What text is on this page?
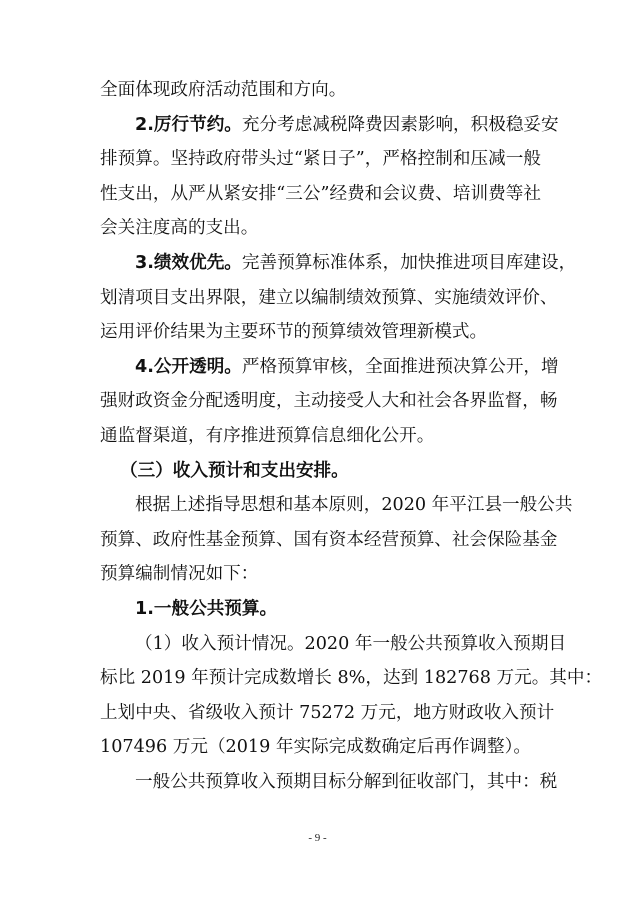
全面体现政府活动范围和方向。
2.厉行节约。充分考虑减税降费因素影响，积极稳妥安
排预算。坚持政府带头过“紧日子”，严格控制和压减一般
性支出，从严从紧安排“三公”经费和会议费、培训费等社
会关注度高的支出。
3.绩效优先。完善预算标准体系，加快推进项目库建设，
划清项目支出界限，建立以编制绩效预算、实施绩效评价、
运用评价结果为主要环节的预算绩效管理新模式。
4.公开透明。严格预算审核，全面推进预决算公开，增
强财政资金分配透明度，主动接受人大和社会各界监督，畅
通监督渠道，有序推进预算信息细化公开。
（三）收入预计和支出安排。
根据上述指导思想和基本原则，2020 年平江县一般公共
预算、政府性基金预算、国有资本经营预算、社会保险基金
预算编制情况如下：
1.一般公共预算。
（1）收入预计情况。2020 年一般公共预算收入预期目
标比 2019 年预计完成数增长 8%，达到 182768 万元。其中：
上划中央、省级收入预计 75272 万元，地方财政收入预计
107496 万元（2019 年实际完成数确定后再作调整）。
一般公共预算收入预期目标分解到征收部门，其中：税
- 9 -
